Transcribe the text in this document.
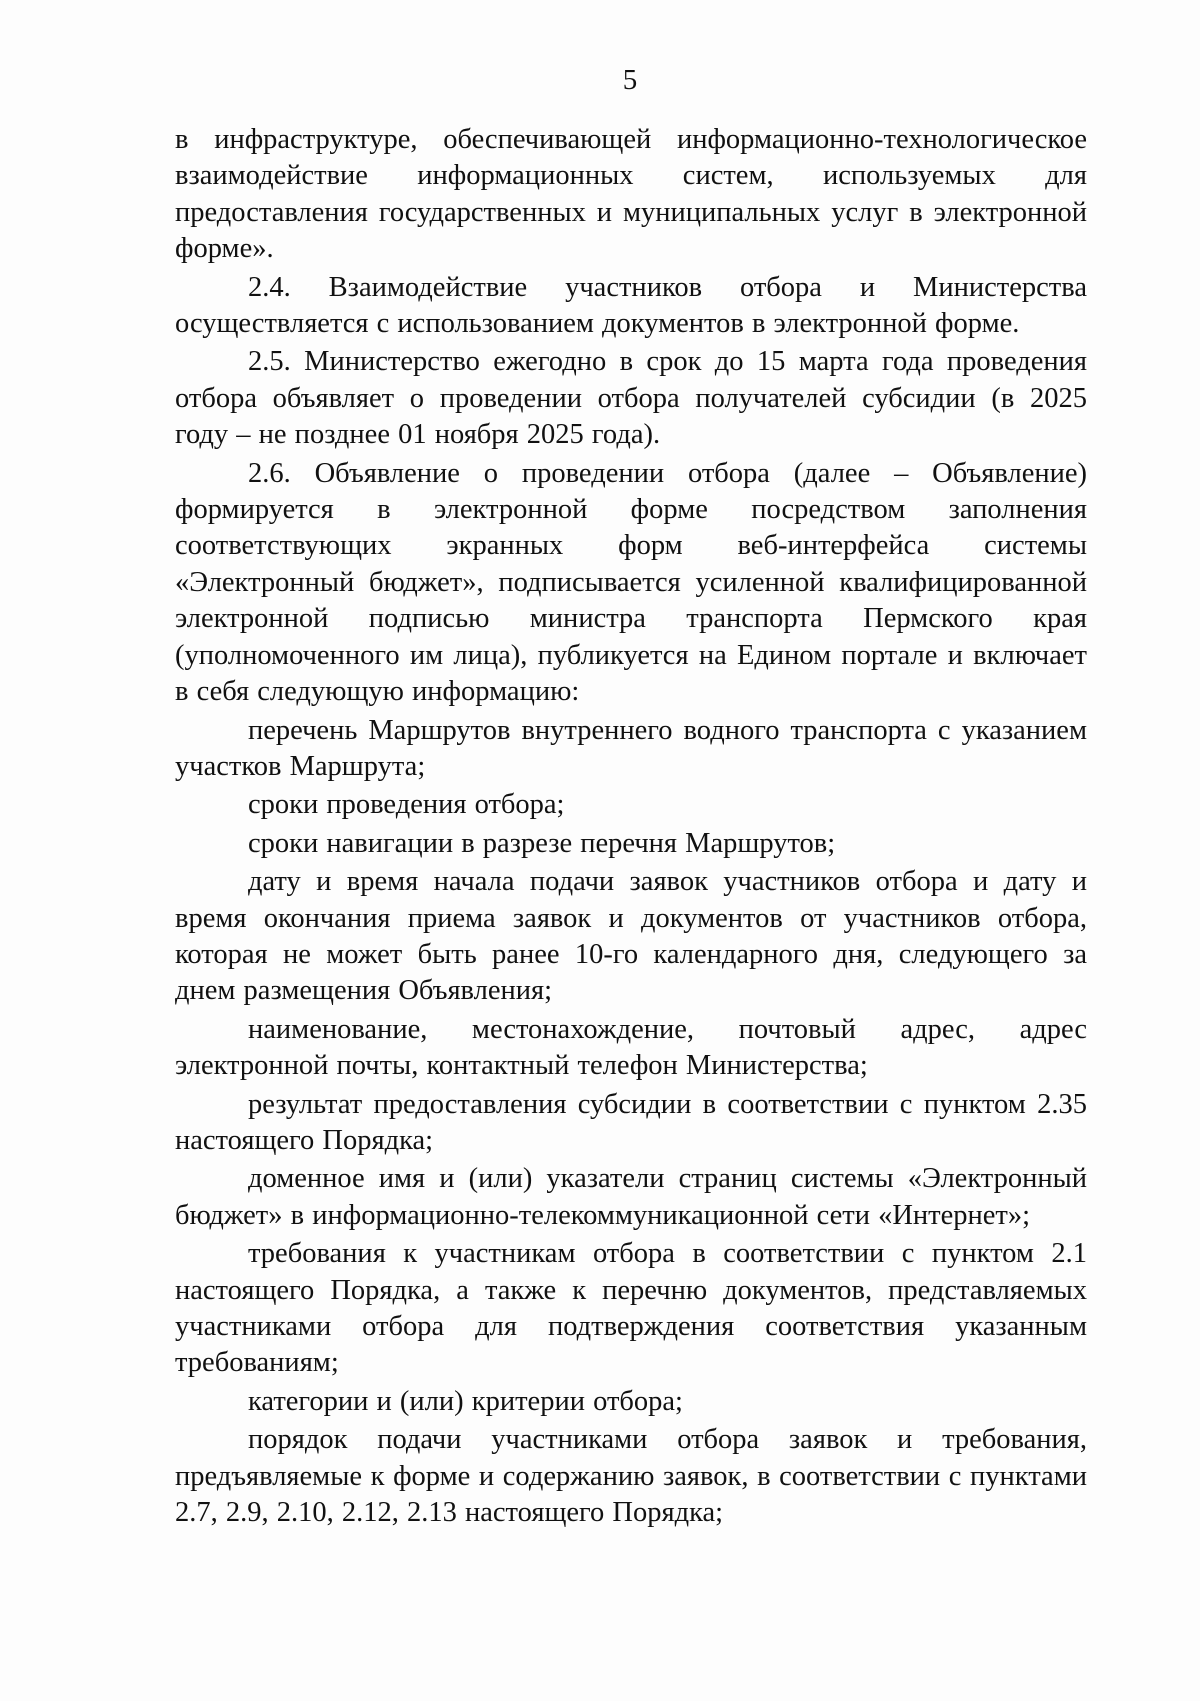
5

в инфраструктуре, обеспечивающей информационно-технологическое взаимодействие информационных систем, используемых для предоставления государственных и муниципальных услуг в электронной форме».

2.4. Взаимодействие участников отбора и Министерства осуществляется с использованием документов в электронной форме.

2.5. Министерство ежегодно в срок до 15 марта года проведения отбора объявляет о проведении отбора получателей субсидии (в 2025 году – не позднее 01 ноября 2025 года).

2.6. Объявление о проведении отбора (далее – Объявление) формируется в электронной форме посредством заполнения соответствующих экранных форм веб-интерфейса системы «Электронный бюджет», подписывается усиленной квалифицированной электронной подписью министра транспорта Пермского края (уполномоченного им лица), публикуется на Едином портале и включает в себя следующую информацию:

перечень Маршрутов внутреннего водного транспорта с указанием участков Маршрута;

сроки проведения отбора;

сроки навигации в разрезе перечня Маршрутов;

дату и время начала подачи заявок участников отбора и дату и время окончания приема заявок и документов от участников отбора, которая не может быть ранее 10-го календарного дня, следующего за днем размещения Объявления;

наименование, местонахождение, почтовый адрес, адрес электронной почты, контактный телефон Министерства;

результат предоставления субсидии в соответствии с пунктом 2.35 настоящего Порядка;

доменное имя и (или) указатели страниц системы «Электронный бюджет» в информационно-телекоммуникационной сети «Интернет»;

требования к участникам отбора в соответствии с пунктом 2.1 настоящего Порядка, а также к перечню документов, представляемых участниками отбора для подтверждения соответствия указанным требованиям;

категории и (или) критерии отбора;

порядок подачи участниками отбора заявок и требования, предъявляемые к форме и содержанию заявок, в соответствии с пунктами 2.7, 2.9, 2.10, 2.12, 2.13 настоящего Порядка;
